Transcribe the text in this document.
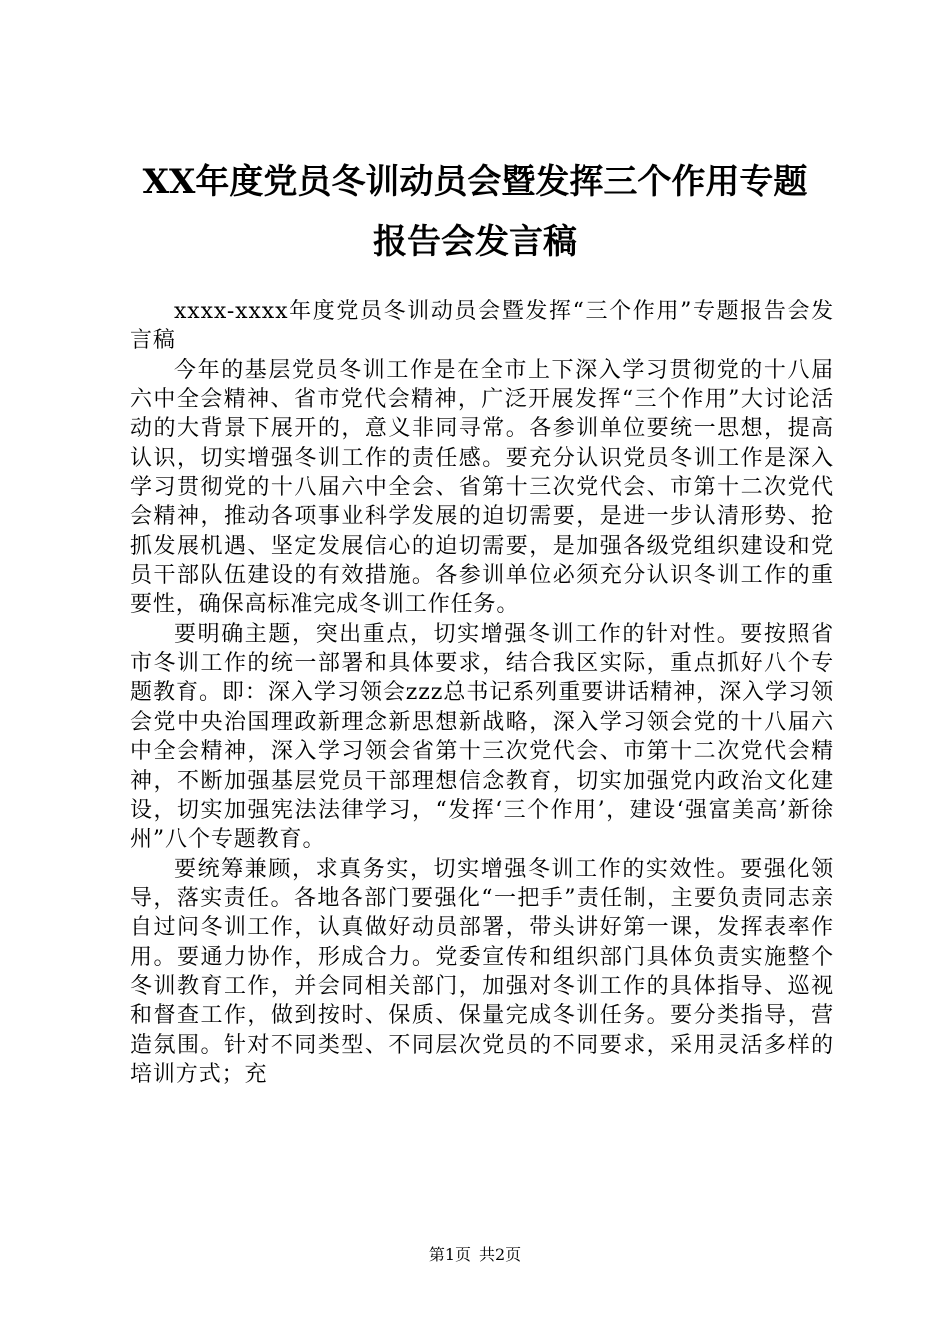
XX年度党员冬训动员会暨发挥三个作用专题
报告会发言稿

xxxx-xxxx年度党员冬训动员会暨发挥“三个作用”专题报告会发言稿

今年的基层党员冬训工作是在全市上下深入学习贯彻党的十八届六中全会精神、省市党代会精神，广泛开展发挥“三个作用”大讨论活动的大背景下展开的，意义非同寻常。各参训单位要统一思想，提高认识，切实增强冬训工作的责任感。要充分认识党员冬训工作是深入学习贯彻党的十八届六中全会、省第十三次党代会、市第十二次党代会精神，推动各项事业科学发展的迫切需要，是进一步认清形势、抢抓发展机遇、坚定发展信心的迫切需要，是加强各级党组织建设和党员干部队伍建设的有效措施。各参训单位必须充分认识冬训工作的重要性，确保高标准完成冬训工作任务。

要明确主题，突出重点，切实增强冬训工作的针对性。要按照省市冬训工作的统一部署和具体要求，结合我区实际，重点抓好八个专题教育。即：深入学习领会zzz总书记系列重要讲话精神，深入学习领会党中央治国理政新理念新思想新战略，深入学习领会党的十八届六中全会精神，深入学习领会省第十三次党代会、市第十二次党代会精神，不断加强基层党员干部理想信念教育，切实加强党内政治文化建设，切实加强宪法法律学习，“发挥‘三个作用’，建设‘强富美高’新徐州”八个专题教育。

要统筹兼顾，求真务实，切实增强冬训工作的实效性。要强化领导，落实责任。各地各部门要强化“一把手”责任制，主要负责同志亲自过问冬训工作，认真做好动员部署，带头讲好第一课，发挥表率作用。要通力协作，形成合力。党委宣传和组织部门具体负责实施整个冬训教育工作，并会同相关部门，加强对冬训工作的具体指导、巡视和督查工作，做到按时、保质、保量完成冬训任务。要分类指导，营造氛围。针对不同类型、不同层次党员的不同要求，采用灵活多样的培训方式；充

第1页 共2页
